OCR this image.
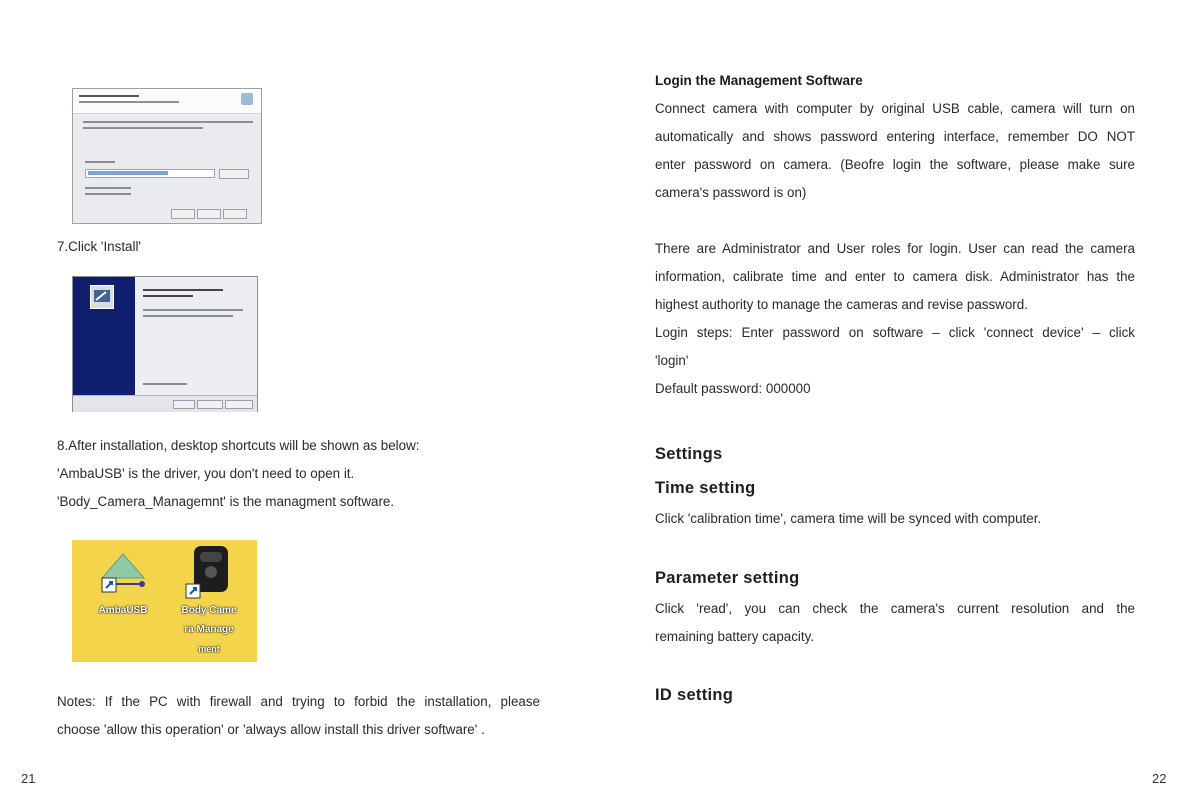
7.Click 'Install'
8.After installation, desktop shortcuts will be shown as below:
'AmbaUSB' is the driver, you don't need to open it.
'Body_Camera_Managemnt' is the managment software.
AmbaUSB	Body Came
ra Manage
ment
Notes: If the PC with firewall and trying to forbid the installation, please
choose 'allow this operation' or 'always allow install this driver software' .
21
Login the Management Software
Connect camera with computer by original USB cable, camera will turn on
automatically and shows password entering interface, remember DO NOT
enter password on camera. (Beofre login the software, please make sure
camera's password is on)
There are Administrator and User roles for login. User can read the camera
information, calibrate time and enter to camera disk. Administrator has the
highest authority to manage the cameras and revise password.
Login steps: Enter password on software – click 'connect device' – click
'login'
Default password: 000000
Settings
Time setting
Click 'calibration time', camera time will be synced with computer.
Parameter setting
Click 'read', you can check the camera's current resolution and the
remaining battery capacity.
ID setting
22
